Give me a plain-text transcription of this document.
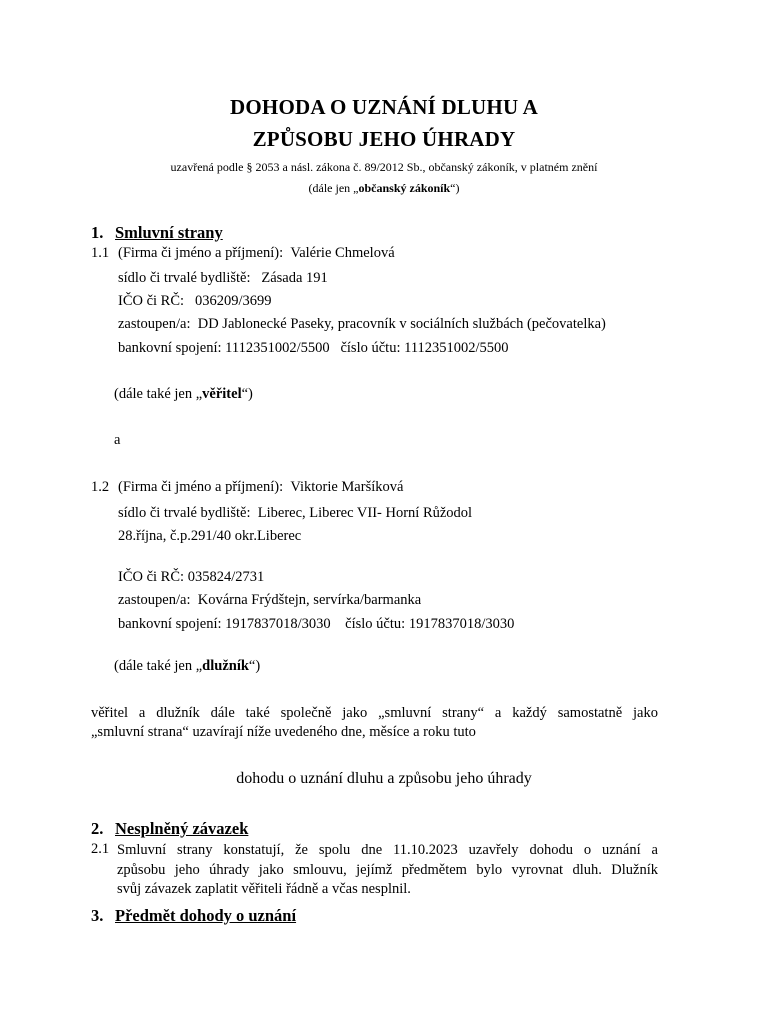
DOHODA O UZNÁNÍ DLUHU A
ZPŮSOBU JEHO ÚHRADY
uzavřená podle § 2053 a násl. zákona č. 89/2012 Sb., občanský zákoník, v platném znění
(dále jen „občanský zákoník“)
1. Smluvní strany
1.1 (Firma či jméno a příjmení): Valérie Chmelová
sídlo či trvalé bydliště: Zásada 191
IČO či RČ: 036209/3699
zastoupen/a: DD Jablonecké Paseky, pracovník v sociálních službách (pečovatelka)
bankovní spojení: 1112351002/5500 číslo účtu: 1112351002/5500
(dále také jen „věřitel“)
a
1.2 (Firma či jméno a příjmení): Viktorie Maršíková
sídlo či trvalé bydliště: Liberec, Liberec VII- Horní Růžodol
28.října, č.p.291/40 okr.Liberec
IČO či RČ: 035824/2731
zastoupen/a: Kovárna Frýdštejn, servírka/barmanka
bankovní spojení: 1917837018/3030 číslo účtu: 1917837018/3030
(dále také jen „dlužník“)
věřitel a dlužník dále také společně jako „smluvní strany“ a každý samostatně jako
„smluvní strana“ uzavírají níže uvedeného dne, měsíce a roku tuto
dohodu o uznání dluhu a způsobu jeho úhrady
2. Nesplněný závazek
2.1 Smluvní strany konstatují, že spolu dne 11.10.2023 uzavřely dohodu o uznání a
způsobu jeho úhrady jako smlouvu, jejímž předmětem bylo vyrovnat dluh. Dlužník
svůj závazek zaplatit věřiteli řádně a včas nesplnil.
3. Předmět dohody o uznání
